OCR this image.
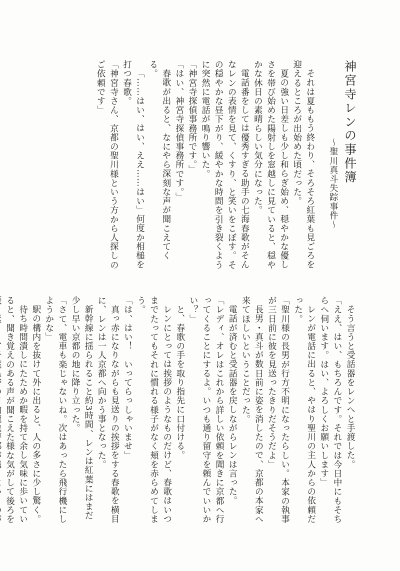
神宮寺レンの事件簿

～聖川真斗失踪事件～

それは夏ももう終わり、そろそろ紅葉も見ごろを迎えるところが出始めた頃だった。

夏の強い日差しも少し和らぎ始め、穏やかな優しさを帯び始めた陽射しを窓越しに見ていると、穏やかな休日の素晴らしい気分になった。

電話番をしては優秀すぎる助手の七海春歌がそんなレンの表情を見て、くすり、と笑いをこぼす。その穏やかな昼下がり、緩やかな時間を引き裂くように突然に電話が鳴り響いた。

「神宮寺探偵事務所です。」

「はい、神宮寺探偵事務所です。」

春歌が出ると、なにやら深刻な声が聞こえてくる。

「……はい、はい、ええ……はい」何度か相槌を打つ春歌。

「神宮寺さん、京都の聖川様という方から人探しのご依頼です」

そう言うと受話器をレンへと手渡した。

「ええ、はい、もちろんです。それでは今日中にもそちらへ伺います。はい、よろしくお願いします」

レンが電話に出ると、やはり聖川の主人からの依頼だった。

「聖川様の長男が行方不明になったらしい。本家の執事が三日前に彼を見送ったきりだそうだよ」

長男・真斗が数日前に姿を消したので、京都の本家へ来てほしいということだった。

電話が済むと受話器を戻しながらレンは言った。

「レディ、オレはこれから詳しい依頼を聞きに京都へ行ってくることにするよ。いつも通り留守を頼んでいいかい？」

と、春歌の手を取り指先に口付ける。

レンにとっては挨拶のようなものだけど、春歌はいつまでたってもそれに慣れる様子がなく頬を赤らめてしまう。

「は、はい！　いってらっしゃいませ」

真っ赤になりながらも見送りの挨拶をする春歌を横目に、レンは一人京都へ向かう事となった。

新幹線に揺られること約3時間、レンは紅葉にはまだ少し早い京都の地に降り立った。

「さて、電車も楽じゃないね。次はあったら飛行機にしようかな」

駅の構内を抜けて外に出ると、人の多さに少し驚く。

待ち時間潰しにたためか暇を持て余し気味に歩いていると、聞き覚えのある声が聞こえた様な気がして後ろを
